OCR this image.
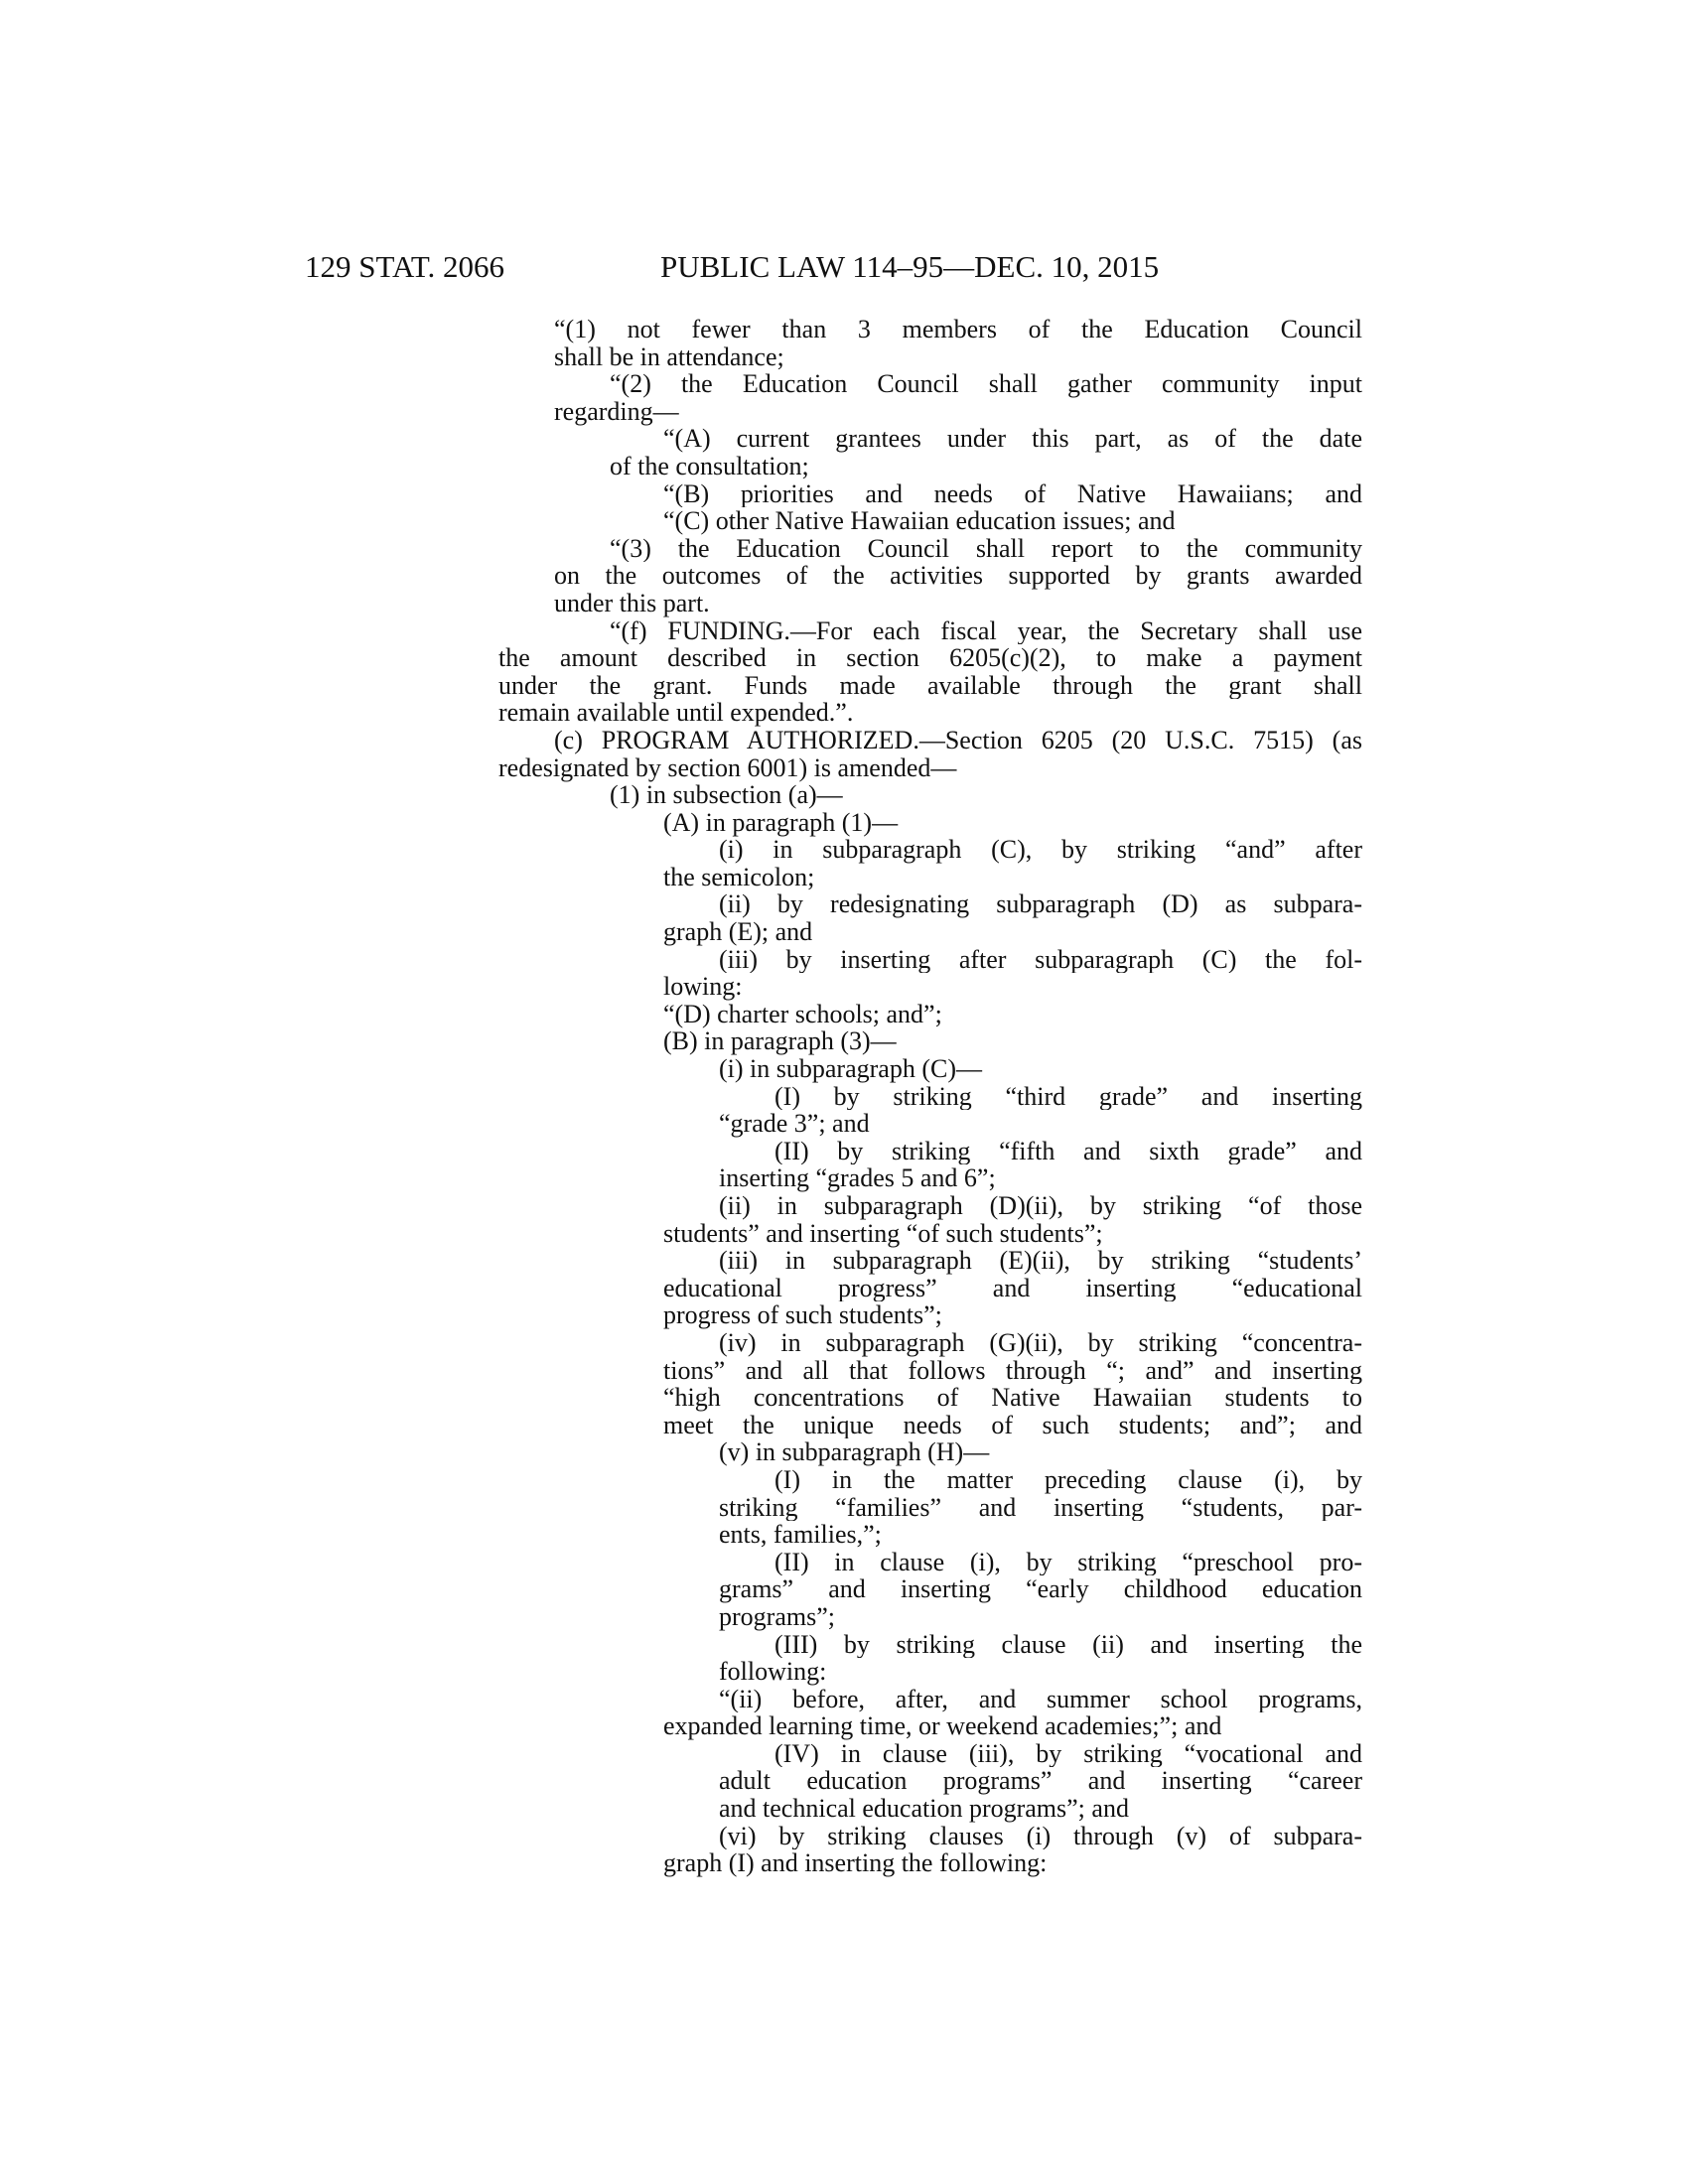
129 STAT. 2066	PUBLIC LAW 114–95—DEC. 10, 2015
“(1) not fewer than 3 members of the Education Council
shall be in attendance;
“(2) the Education Council shall gather community input
regarding—
“(A) current grantees under this part, as of the date
of the consultation;
“(B) priorities and needs of Native Hawaiians; and
“(C) other Native Hawaiian education issues; and
“(3) the Education Council shall report to the community
on the outcomes of the activities supported by grants awarded
under this part.
“(f) FUNDING.—For each fiscal year, the Secretary shall use
the amount described in section 6205(c)(2), to make a payment
under the grant. Funds made available through the grant shall
remain available until expended.”.
(c) PROGRAM AUTHORIZED.—Section 6205 (20 U.S.C. 7515) (as
redesignated by section 6001) is amended—
(1) in subsection (a)—
(A) in paragraph (1)—
(i) in subparagraph (C), by striking “and” after
the semicolon;
(ii) by redesignating subparagraph (D) as subpara-
graph (E); and
(iii) by inserting after subparagraph (C) the fol-
lowing:
“(D) charter schools; and”;
(B) in paragraph (3)—
(i) in subparagraph (C)—
(I) by striking “third grade” and inserting
“grade 3”; and
(II) by striking “fifth and sixth grade” and
inserting “grades 5 and 6”;
(ii) in subparagraph (D)(ii), by striking “of those
students” and inserting “of such students”;
(iii) in subparagraph (E)(ii), by striking “students’
educational progress” and inserting “educational
progress of such students”;
(iv) in subparagraph (G)(ii), by striking “concentra-
tions” and all that follows through “; and” and inserting
“high concentrations of Native Hawaiian students to
meet the unique needs of such students; and”; and
(v) in subparagraph (H)—
(I) in the matter preceding clause (i), by
striking “families” and inserting “students, par-
ents, families,”;
(II) in clause (i), by striking “preschool pro-
grams” and inserting “early childhood education
programs”;
(III) by striking clause (ii) and inserting the
following:
“(ii) before, after, and summer school programs,
expanded learning time, or weekend academies;”; and
(IV) in clause (iii), by striking “vocational and
adult education programs” and inserting “career
and technical education programs”; and
(vi) by striking clauses (i) through (v) of subpara-
graph (I) and inserting the following:
